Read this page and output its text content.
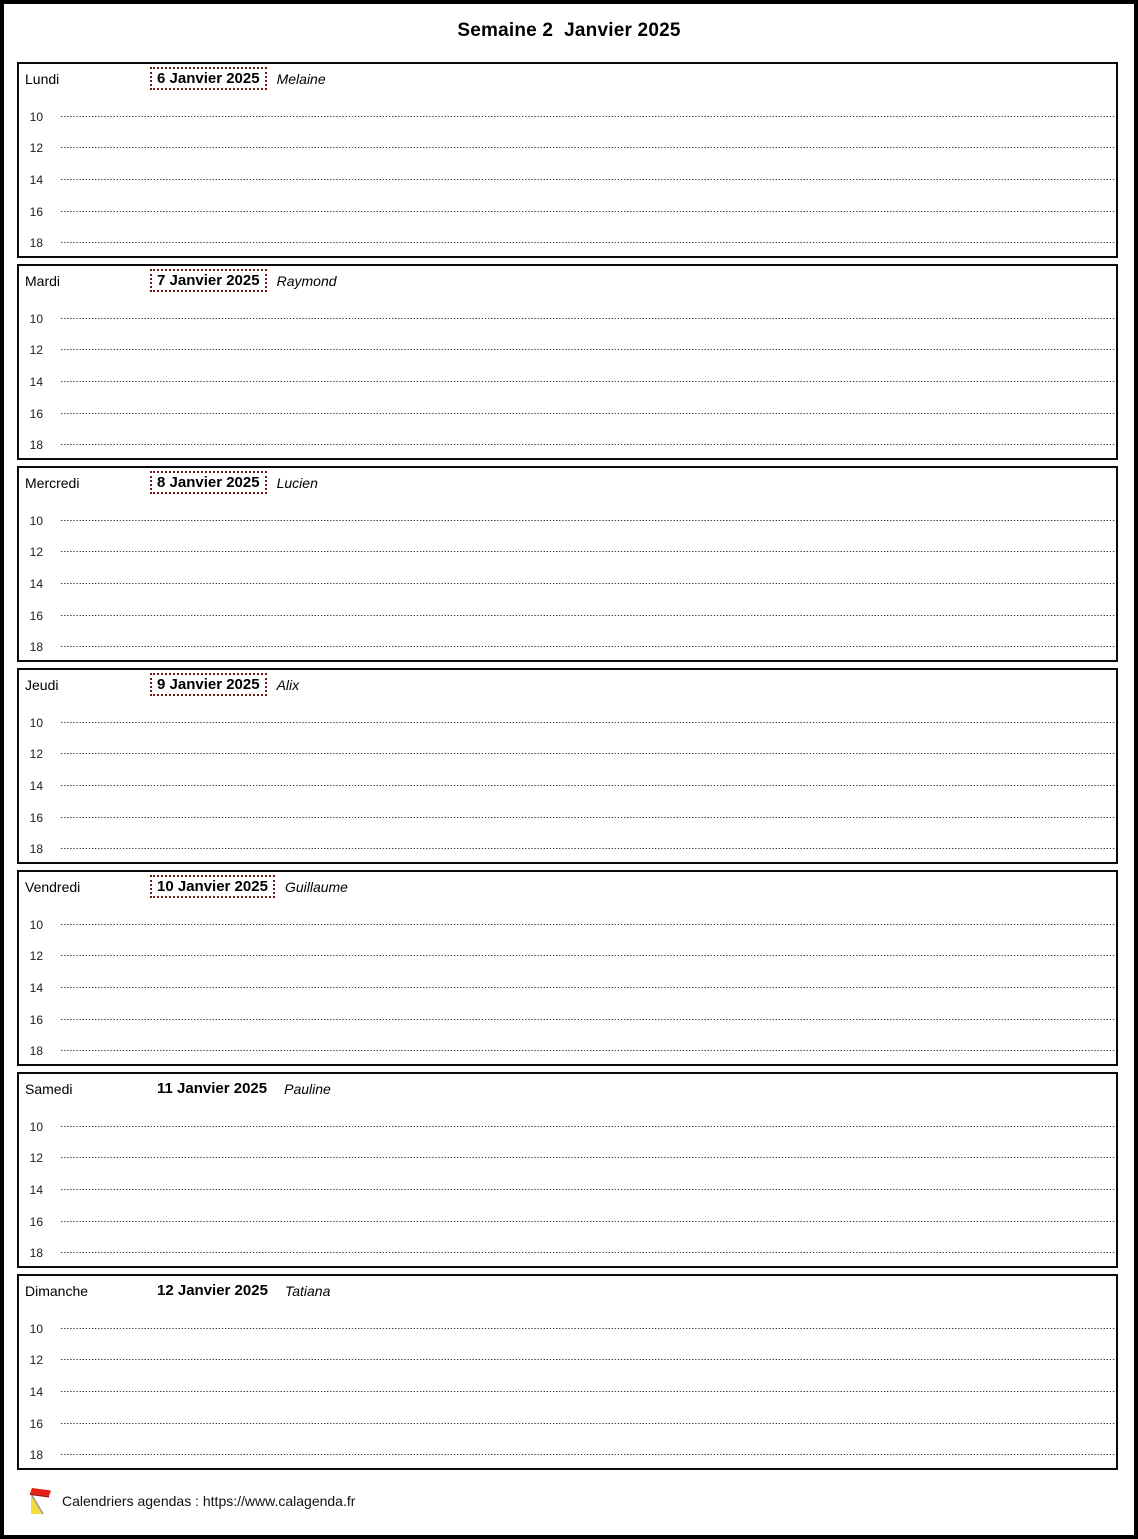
Semaine 2  Janvier 2025
Lundi	6 Janvier 2025	Melaine
10
12
14
16
18
Mardi	7 Janvier 2025	Raymond
10
12
14
16
18
Mercredi	8 Janvier 2025	Lucien
10
12
14
16
18
Jeudi	9 Janvier 2025	Alix
10
12
14
16
18
Vendredi	10 Janvier 2025	Guillaume
10
12
14
16
18
Samedi	11 Janvier 2025	Pauline
10
12
14
16
18
Dimanche	12 Janvier 2025	Tatiana
10
12
14
16
18
Calendriers agendas : https://www.calagenda.fr
